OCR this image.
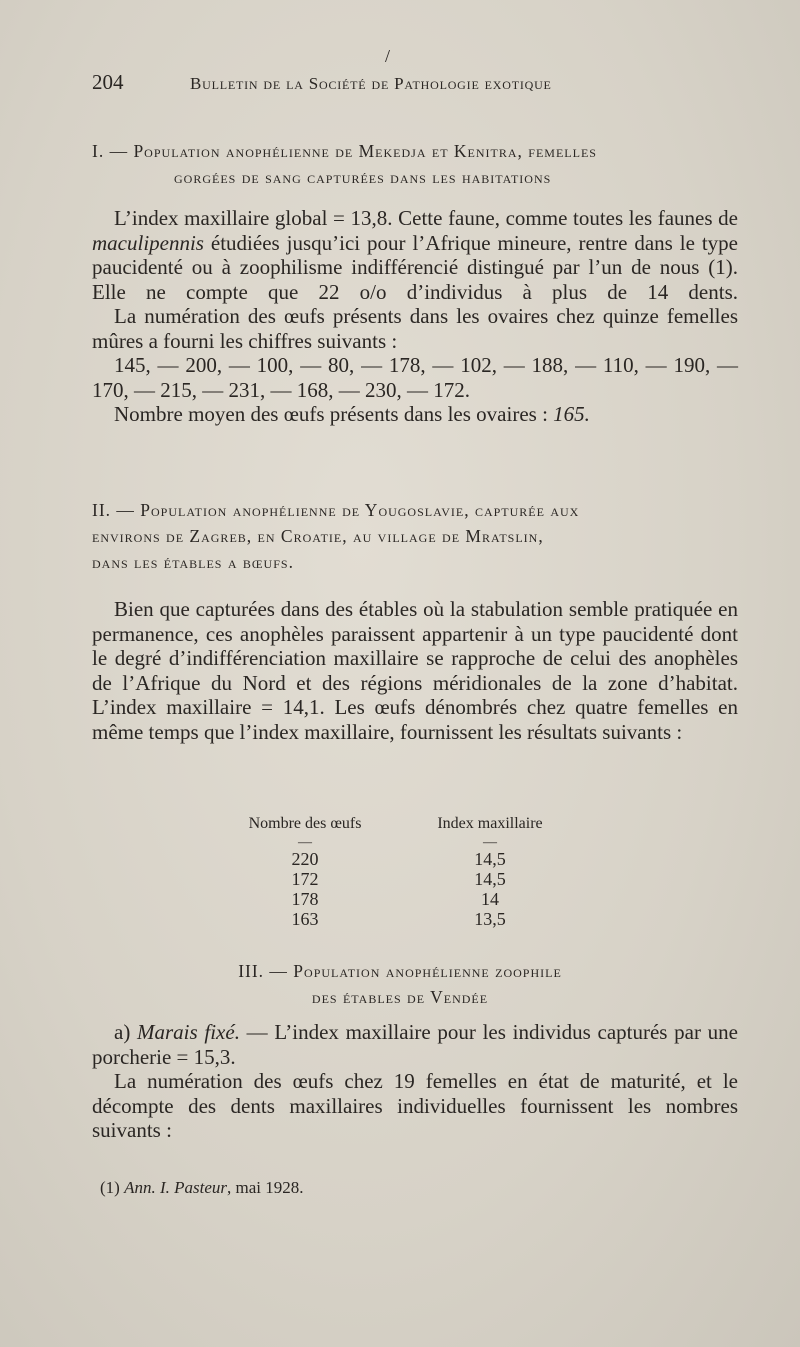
204	Bulletin de la Société de Pathologie exotique
/
I. — Population anophélienne de Mekedja et Kenitra, femelles
gorgées de sang capturées dans les habitations

L’index maxillaire global = 13,8. Cette faune, comme toutes les faunes de maculipennis étudiées jusqu’ici pour l’Afrique mineure, rentre dans le type paucidenté ou à zoophilisme indifférencié distingué par l’un de nous (1). Elle ne compte que 22 o/o d’individus à plus de 14 dents.

La numération des œufs présents dans les ovaires chez quinze femelles mûres a fourni les chiffres suivants :

145, — 200, — 100, — 80, — 178, — 102, — 188, — 110, — 190, — 170, — 215, — 231, — 168, — 230, — 172.

Nombre moyen des œufs présents dans les ovaires : 165.

II. — Population anophélienne de Yougoslavie, capturée aux
environs de Zagreb, en Croatie, au village de Mratslin,
dans les étables a bœufs.

Bien que capturées dans des étables où la stabulation semble pratiquée en permanence, ces anophèles paraissent appartenir à un type paucidenté dont le degré d’indifférenciation maxillaire se rapproche de celui des anophèles de l’Afrique du Nord et des régions méridionales de la zone d’habitat. L’index maxillaire = 14,1. Les œufs dénombrés chez quatre femelles en même temps que l’index maxillaire, fournissent les résultats suivants :

Nombre des œufs	Index maxillaire
—	—
220	14,5
172	14,5
178	14
163	13,5
III. — Population anophélienne zoophile
des étables de Vendée

a) Marais fixé. — L’index maxillaire pour les individus capturés par une porcherie = 15,3.

La numération des œufs chez 19 femelles en état de maturité, et le décompte des dents maxillaires individuelles fournissent les nombres suivants :

(1) Ann. I. Pasteur, mai 1928.
